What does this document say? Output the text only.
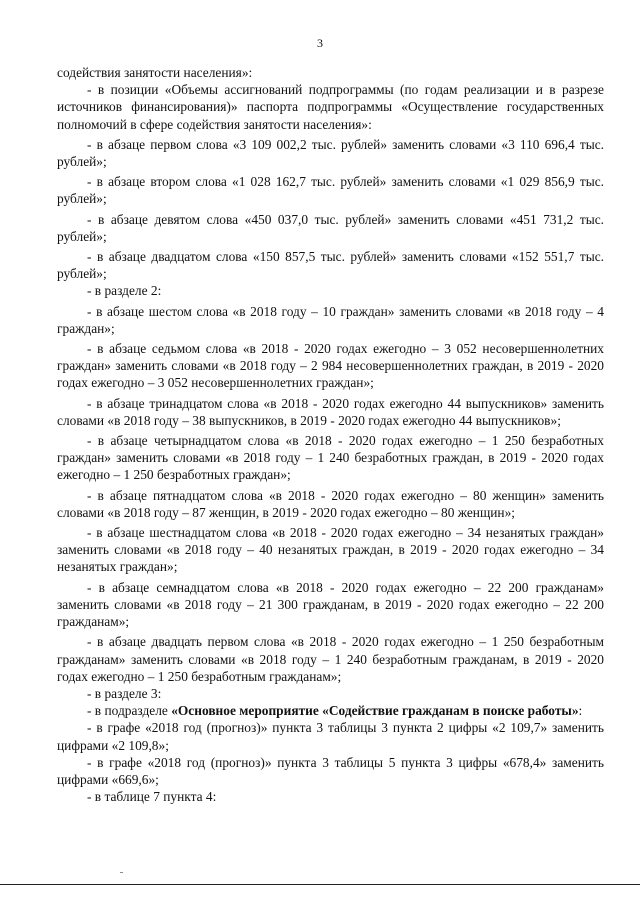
3

содействия занятости населения»:

- в позиции «Объемы ассигнований подпрограммы (по годам реализации и в разрезе источников финансирования)» паспорта подпрограммы «Осуществление государственных полномочий в сфере содействия занятости населения»:

- в абзаце первом слова «3 109 002,2 тыс. рублей» заменить словами «3 110 696,4 тыс. рублей»;

- в абзаце втором слова «1 028 162,7 тыс. рублей» заменить словами «1 029 856,9 тыс. рублей»;

- в абзаце девятом слова «450 037,0 тыс. рублей» заменить словами «451 731,2 тыс. рублей»;

- в абзаце двадцатом слова «150 857,5 тыс. рублей» заменить словами «152 551,7 тыс. рублей»;

- в разделе 2:

- в абзаце шестом слова «в 2018 году – 10 граждан» заменить словами «в 2018 году – 4 граждан»;

- в абзаце седьмом слова «в 2018 - 2020 годах ежегодно – 3 052 несовершеннолетних граждан» заменить словами «в 2018 году – 2 984 несовершеннолетних граждан, в 2019 - 2020 годах ежегодно – 3 052 несовершеннолетних граждан»;

- в абзаце тринадцатом слова «в 2018 - 2020 годах ежегодно 44 выпускников» заменить словами «в 2018 году – 38 выпускников, в 2019 - 2020 годах ежегодно 44 выпускников»;

- в абзаце четырнадцатом слова «в 2018 - 2020 годах ежегодно – 1 250 безработных граждан» заменить словами «в 2018 году – 1 240 безработных граждан, в 2019 - 2020 годах ежегодно – 1 250 безработных граждан»;

- в абзаце пятнадцатом слова «в 2018 - 2020 годах ежегодно – 80 женщин» заменить словами «в 2018 году – 87 женщин, в 2019 - 2020 годах ежегодно – 80 женщин»;

- в абзаце шестнадцатом слова «в 2018 - 2020 годах ежегодно – 34 незанятых граждан» заменить словами «в 2018 году – 40 незанятых граждан, в 2019 - 2020 годах ежегодно – 34 незанятых граждан»;

- в абзаце семнадцатом слова «в 2018 - 2020 годах ежегодно – 22 200 гражданам» заменить словами «в 2018 году – 21 300 гражданам, в 2019 - 2020 годах ежегодно – 22 200 гражданам»;

- в абзаце двадцать первом слова «в 2018 - 2020 годах ежегодно – 1 250 безработным гражданам» заменить словами «в 2018 году – 1 240 безработным гражданам, в 2019 - 2020 годах ежегодно – 1 250 безработным гражданам»;

- в разделе 3:

- в подразделе «Основное мероприятие «Содействие гражданам в поиске работы»:

- в графе «2018 год (прогноз)» пункта 3 таблицы 3 пункта 2 цифры «2 109,7» заменить цифрами «2 109,8»;

- в графе «2018 год (прогноз)» пункта 3 таблицы 5 пункта 3 цифры «678,4» заменить цифрами «669,6»;

- в таблице 7 пункта 4:
